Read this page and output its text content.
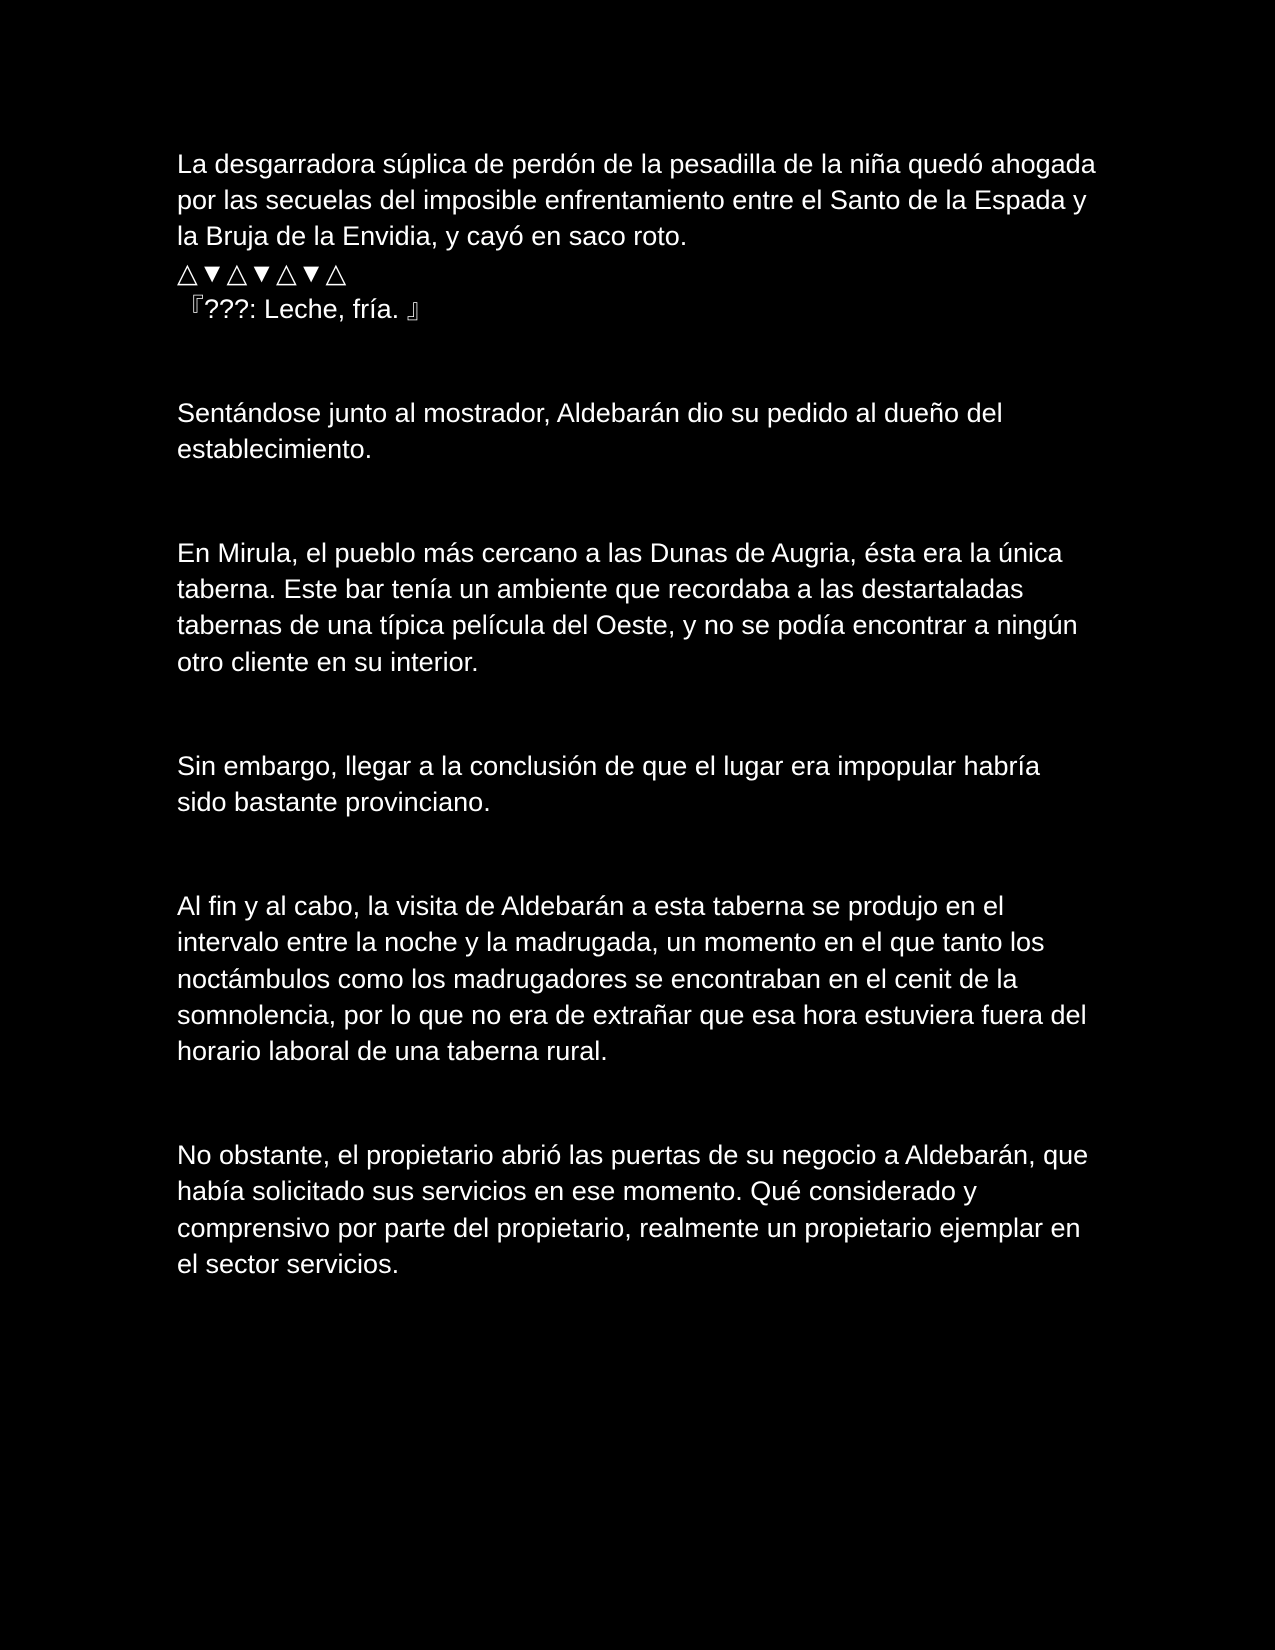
La desgarradora súplica de perdón de la pesadilla de la niña quedó ahogada por las secuelas del imposible enfrentamiento entre el Santo de la Espada y la Bruja de la Envidia, y cayó en saco roto.

△▼△▼△▼△

『???: Leche, fría. 』

Sentándose junto al mostrador, Aldebarán dio su pedido al dueño del establecimiento.

En Mirula, el pueblo más cercano a las Dunas de Augria, ésta era la única taberna. Este bar tenía un ambiente que recordaba a las destartaladas tabernas de una típica película del Oeste, y no se podía encontrar a ningún otro cliente en su interior.

Sin embargo, llegar a la conclusión de que el lugar era impopular habría sido bastante provinciano.

Al fin y al cabo, la visita de Aldebarán a esta taberna se produjo en el intervalo entre la noche y la madrugada, un momento en el que tanto los noctámbulos como los madrugadores se encontraban en el cenit de la somnolencia, por lo que no era de extrañar que esa hora estuviera fuera del horario laboral de una taberna rural.

No obstante, el propietario abrió las puertas de su negocio a Aldebarán, que había solicitado sus servicios en ese momento. Qué considerado y comprensivo por parte del propietario, realmente un propietario ejemplar en el sector servicios.
